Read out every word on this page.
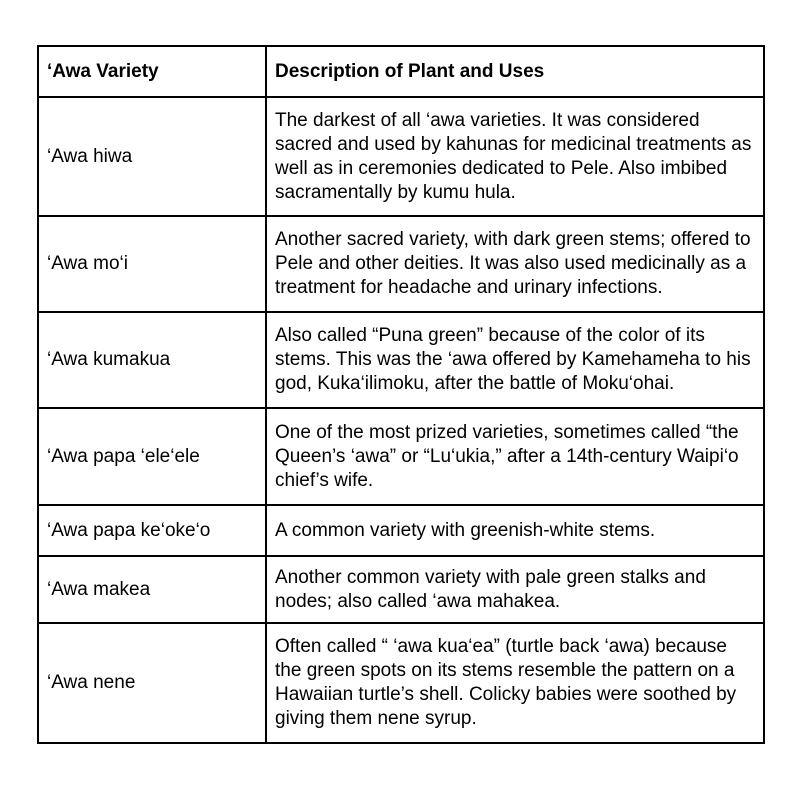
‘Awa Variety	Description of Plant and Uses
‘Awa hiwa	The darkest of all ‘awa varieties. It was considered sacred and used by kahunas for medicinal treatments as well as in ceremonies dedicated to Pele. Also imbibed sacramentally by kumu hula.
‘Awa mo‘i	Another sacred variety, with dark green stems; offered to Pele and other deities. It was also used medicinally as a treatment for headache and urinary infections.
‘Awa kumakua	Also called “Puna green” because of the color of its stems. This was the ‘awa offered by Kamehameha to his god, Kuka‘ilimoku, after the battle of Moku‘ohai.
‘Awa papa ‘ele‘ele	One of the most prized varieties, sometimes called “the Queen’s ‘awa” or “Lu‘ukia,” after a 14th-century Waipi‘o chief’s wife.
‘Awa papa ke‘oke‘o	A common variety with greenish-white stems.
‘Awa makea	Another common variety with pale green stalks and nodes; also called ‘awa mahakea.
‘Awa nene	Often called “ ‘awa kua‘ea” (turtle back ‘awa) because the green spots on its stems resemble the pattern on a Hawaiian turtle’s shell. Colicky babies were soothed by giving them nene syrup.
